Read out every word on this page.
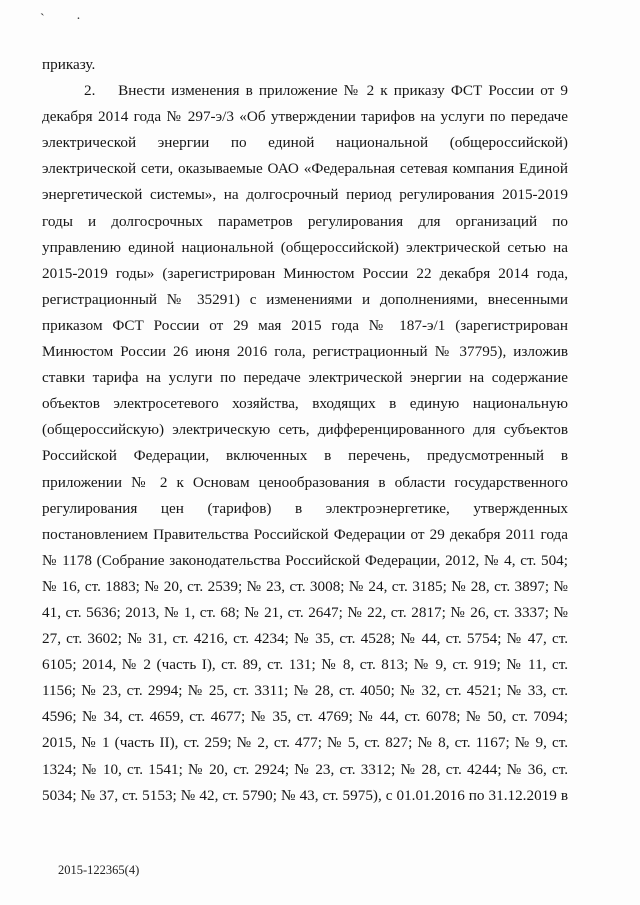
` ·
приказу.
2.  Внести изменения в приложение № 2 к приказу ФСТ России от 9
декабря 2014 года № 297-э/3 «Об утверждении тарифов на услуги по передаче
электрической энергии по единой национальной (общероссийской)
электрической сети, оказываемые ОАО «Федеральная сетевая компания Единой
энергетической системы», на долгосрочный период регулирования 2015-2019
годы и долгосрочных параметров регулирования для организаций по
управлению единой национальной (общероссийской) электрической сетью на
2015-2019 годы» (зарегистрирован Минюстом России 22 декабря 2014 года,
регистрационный № 35291) с изменениями и дополнениями, внесенными
приказом ФСТ России от 29 мая 2015 года № 187-э/1 (зарегистрирован
Минюстом России 26 июня 2016 гола, регистрационный № 37795), изложив
ставки тарифа на услуги по передаче электрической энергии на содержание
объектов электросетевого хозяйства, входящих в единую национальную
(общероссийскую) электрическую сеть, дифференцированного для субъектов
Российской Федерации, включенных в перечень, предусмотренный в
приложении № 2 к Основам ценообразования в области государственного
регулирования цен (тарифов) в электроэнергетике, утвержденных
постановлением Правительства Российской Федерации от 29 декабря 2011 года
№ 1178 (Собрание законодательства Российской Федерации, 2012, № 4, ст. 504;
№ 16, ст. 1883; № 20, ст. 2539; № 23, ст. 3008; № 24, ст. 3185; № 28, ст. 3897; №
41, ст. 5636; 2013, № 1, ст. 68; № 21, ст. 2647; № 22, ст. 2817; № 26, ст. 3337; №
27, ст. 3602; № 31, ст. 4216, ст. 4234; № 35, ст. 4528; № 44, ст. 5754; № 47, ст.
6105; 2014, № 2 (часть I), ст. 89, ст. 131; № 8, ст. 813; № 9, ст. 919; № 11, ст.
1156; № 23, ст. 2994; № 25, ст. 3311; № 28, ст. 4050; № 32, ст. 4521; № 33, ст.
4596; № 34, ст. 4659, ст. 4677; № 35, ст. 4769; № 44, ст. 6078; № 50, ст. 7094;
2015, № 1 (часть II), ст. 259; № 2, ст. 477; № 5, ст. 827; № 8, ст. 1167; № 9, ст.
1324; № 10, ст. 1541; № 20, ст. 2924; № 23, ст. 3312; № 28, ст. 4244; № 36, ст.
5034; № 37, ст. 5153; № 42, ст. 5790; № 43, ст. 5975), с 01.01.2016 по 31.12.2019 в
2015-122365(4)
